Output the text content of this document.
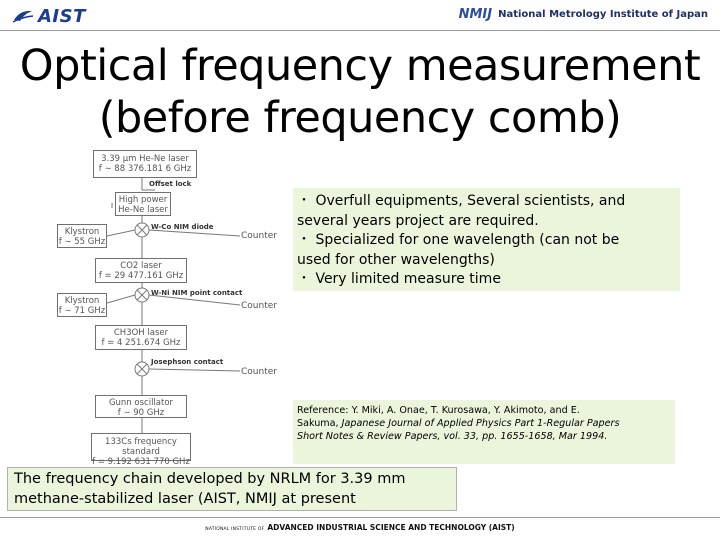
AIST	NMIJ National Metrology Institute of Japan
Optical frequency measurement
(before frequency comb)
3.39 μm He-Ne laser
f ∼ 88 376.181 6 GHz
Offset lock
High power
He-Ne laser
W-Co NIM diode
Klystron
f ∼ 55 GHz
Counter
CO2 laser
f = 29 477.161 GHz
W-Ni NIM point contact
Klystron
f ∼ 71 GHz	Counter
CH3OH laser
f = 4 251.674 GHz
Josephson contact
Counter
Gunn oscillator
f ∼ 90 GHz
133Cs frequency standard
f = 9.192 631 770 GHz
・ Overfull equipments, Several scientists, and
several years project are required.
・ Specialized for one wavelength (can not be
used for other wavelengths)
・ Very limited measure time
Reference: Y. Miki, A. Onae, T. Kurosawa, Y. Akimoto, and E.
Sakuma, Japanese Journal of Applied Physics Part 1-Regular Papers
Short Notes & Review Papers, vol. 33, pp. 1655-1658, Mar 1994.
The frequency chain developed by NRLM for 3.39 mm
methane-stabilized laser (AIST, NMIJ at present
NATIONAL INSTITUTE OF ADVANCED INDUSTRIAL SCIENCE AND TECHNOLOGY (AIST)
